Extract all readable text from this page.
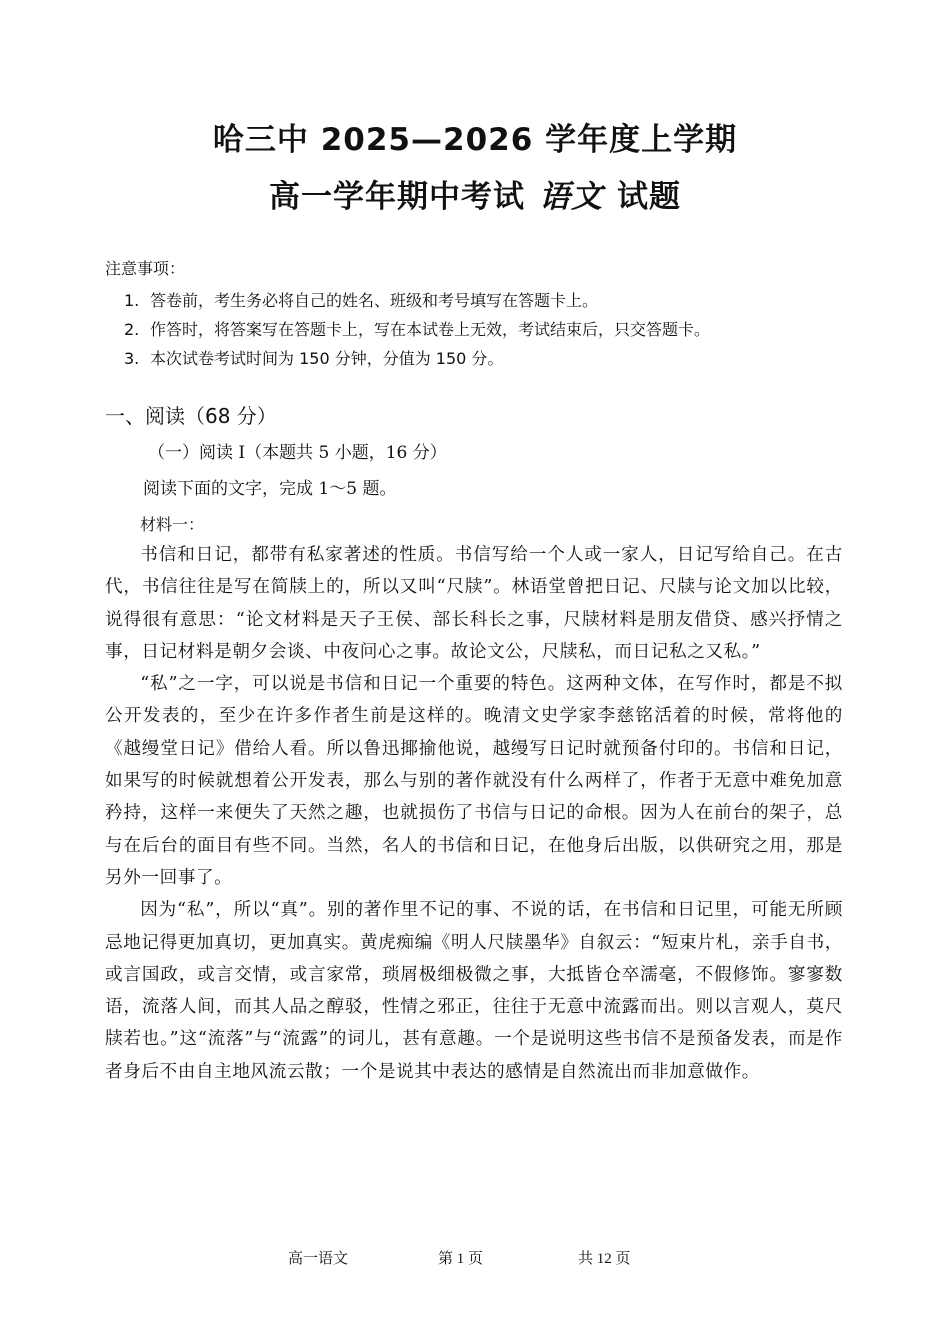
哈三中 2025—2026 学年度上学期
高一学年期中考试 语文 试题
注意事项：
1. 答卷前，考生务必将自己的姓名、班级和考号填写在答题卡上。
2. 作答时，将答案写在答题卡上，写在本试卷上无效，考试结束后，只交答题卡。
3. 本次试卷考试时间为 150 分钟，分值为 150 分。
一、阅读（68 分）
（一）阅读 I（本题共 5 小题，16 分）
阅读下面的文字，完成 1～5 题。
材料一：

书信和日记，都带有私家著述的性质。书信写给一个人或一家人，日记写给自己。在古代，书信往往是写在简牍上的，所以又叫“尺牍”。林语堂曾把日记、尺牍与论文加以比较，说得很有意思：“论文材料是天子王侯、部长科长之事，尺牍材料是朋友借贷、感兴抒情之事，日记材料是朝夕会谈、中夜问心之事。故论文公，尺牍私，而日记私之又私。”

“私”之一字，可以说是书信和日记一个重要的特色。这两种文体，在写作时，都是不拟公开发表的，至少在许多作者生前是这样的。晚清文史学家李慈铭活着的时候，常将他的《越缦堂日记》借给人看。所以鲁迅揶揄他说，越缦写日记时就预备付印的。书信和日记，如果写的时候就想着公开发表，那么与别的著作就没有什么两样了，作者于无意中难免加意矜持，这样一来便失了天然之趣，也就损伤了书信与日记的命根。因为人在前台的架子，总与在后台的面目有些不同。当然，名人的书信和日记，在他身后出版，以供研究之用，那是另外一回事了。

因为“私”，所以“真”。别的著作里不记的事、不说的话，在书信和日记里，可能无所顾忌地记得更加真切，更加真实。黄虎痴编《明人尺牍墨华》自叙云：“短束片札，亲手自书，或言国政，或言交情，或言家常，琐屑极细极微之事，大抵皆仓卒濡毫，不假修饰。寥寥数语，流落人间，而其人品之醇驳，性情之邪正，往往于无意中流露而出。则以言观人，莫尺牍若也。”这“流落”与“流露”的词儿，甚有意趣。一个是说明这些书信不是预备发表，而是作者身后不由自主地风流云散；一个是说其中表达的感情是自然流出而非加意做作。

高一语文	第 1 页	共 12 页
